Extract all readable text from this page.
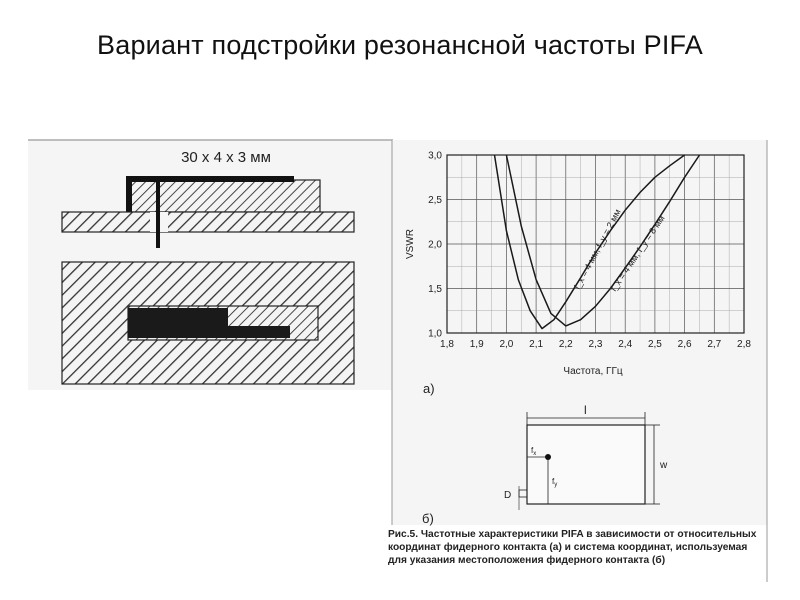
Вариант подстройки резонансной частоты PIFA
30 x 4 x 3 мм
1,8 1,9 2,0 2,1 2,2 2,3 2,4 2,5 2,6 2,7 2,8
1,0
1,5
2,0
2,5
3,0
VSWR
Частота, ГГц
а)
f_x = 4 мм, f_y = 2 мм
f_x = 4 мм, f_y = 8 мм
l
w
$f_x$
$f_y$
D
б)
Рис.5. Частотные характеристики PIFA в зависимости от относительных
координат фидерного контакта (а) и система координат, используемая
для указания местоположения фидерного контакта (б)
